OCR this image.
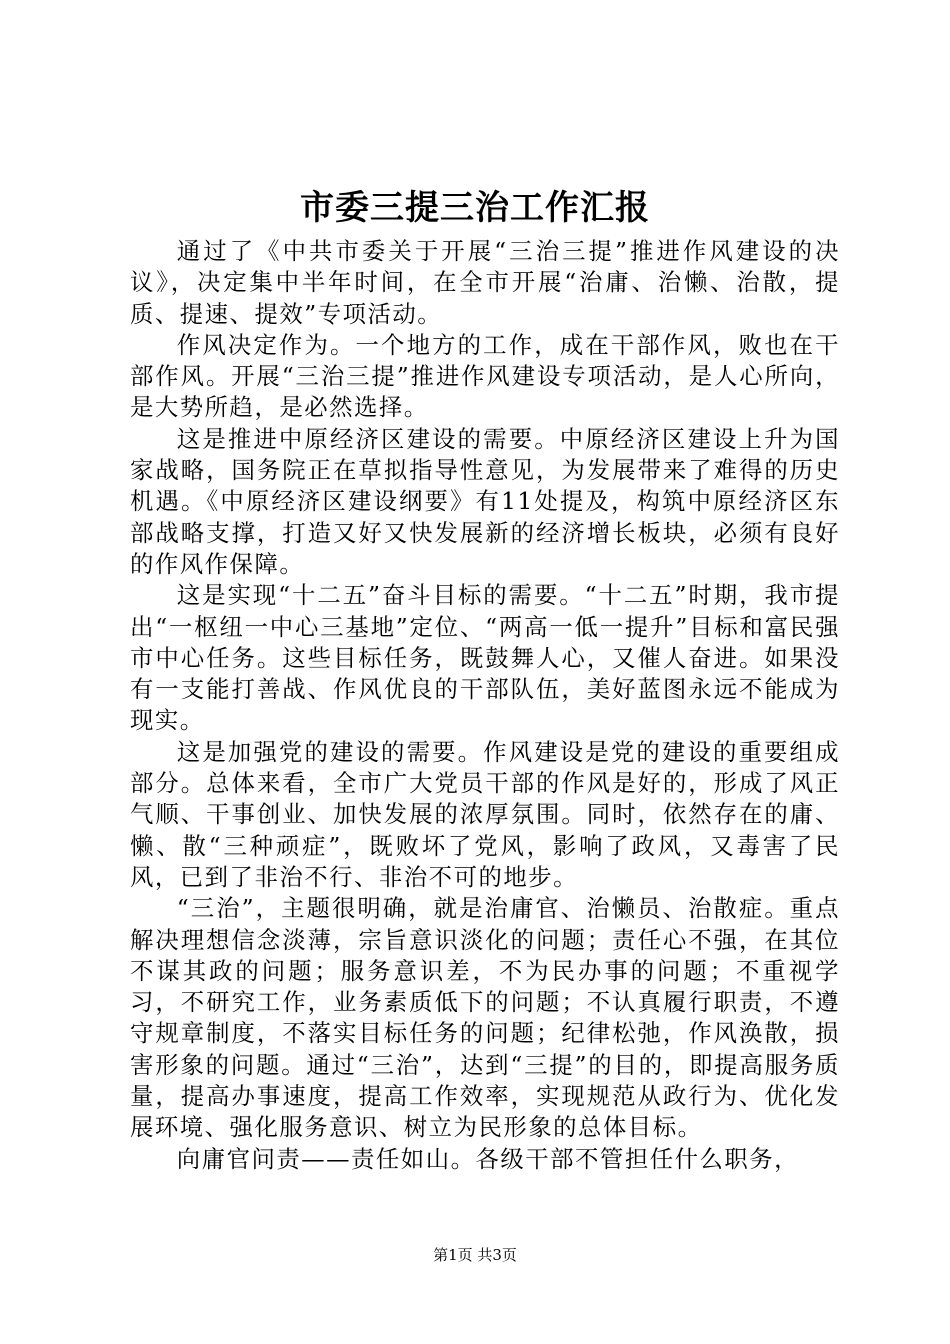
市委三提三治工作汇报

通过了《中共市委关于开展“三治三提”推进作风建设的决议》，决定集中半年时间，在全市开展“治庸、治懒、治散，提质、提速、提效”专项活动。

作风决定作为。一个地方的工作，成在干部作风，败也在干部作风。开展“三治三提”推进作风建设专项活动，是人心所向，是大势所趋，是必然选择。

这是推进中原经济区建设的需要。中原经济区建设上升为国家战略，国务院正在草拟指导性意见，为发展带来了难得的历史机遇。《中原经济区建设纲要》有11处提及，构筑中原经济区东部战略支撑，打造又好又快发展新的经济增长板块，必须有良好的作风作保障。

这是实现“十二五”奋斗目标的需要。“十二五”时期，我市提出“一枢纽一中心三基地”定位、“两高一低一提升”目标和富民强市中心任务。这些目标任务，既鼓舞人心，又催人奋进。如果没有一支能打善战、作风优良的干部队伍，美好蓝图永远不能成为现实。

这是加强党的建设的需要。作风建设是党的建设的重要组成部分。总体来看，全市广大党员干部的作风是好的，形成了风正气顺、干事创业、加快发展的浓厚氛围。同时，依然存在的庸、懒、散“三种顽症”，既败坏了党风，影响了政风，又毒害了民风，已到了非治不行、非治不可的地步。

“三治”，主题很明确，就是治庸官、治懒员、治散症。重点解决理想信念淡薄，宗旨意识淡化的问题；责任心不强，在其位不谋其政的问题；服务意识差，不为民办事的问题；不重视学习，不研究工作，业务素质低下的问题；不认真履行职责，不遵守规章制度，不落实目标任务的问题；纪律松弛，作风涣散，损害形象的问题。通过“三治”，达到“三提”的目的，即提高服务质量，提高办事速度，提高工作效率，实现规范从政行为、优化发展环境、强化服务意识、树立为民形象的总体目标。

向庸官问责——责任如山。各级干部不管担任什么职务，

第1页 共3页
